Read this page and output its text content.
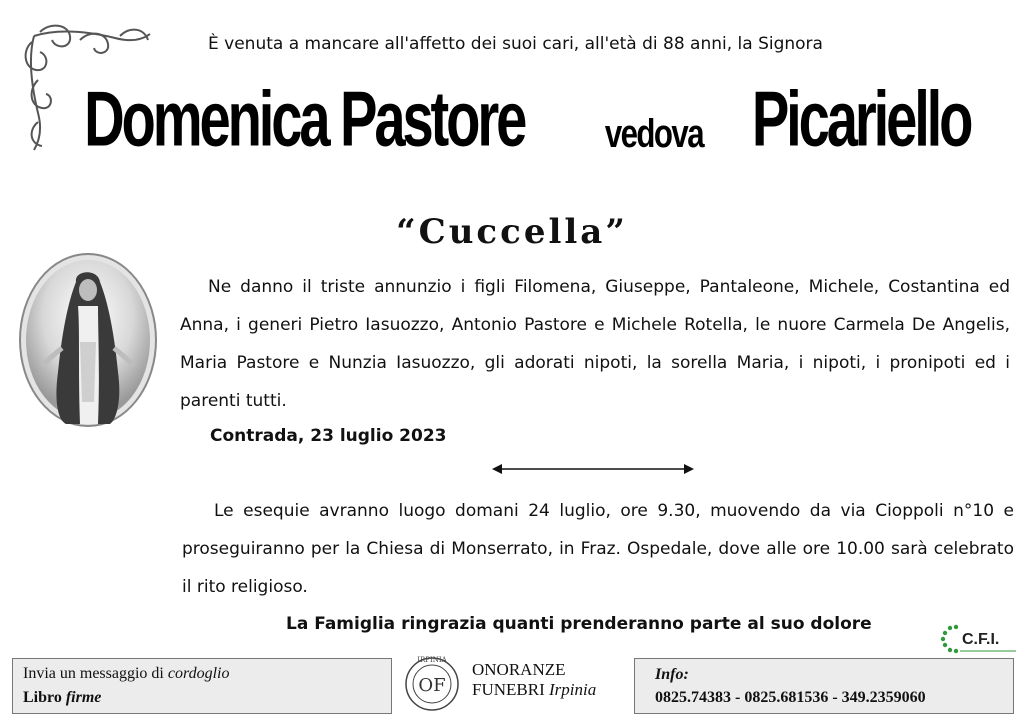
È venuta a mancare all'affetto dei suoi cari, all'età di 88 anni, la Signora
Domenica Pastore vedova Picariello
“Cuccella”
Ne danno il triste annunzio i figli Filomena, Giuseppe, Pantaleone, Michele, Costantina ed Anna, i generi Pietro Iasuozzo, Antonio Pastore e Michele Rotella, le nuore Carmela De Angelis, Maria Pastore e Nunzia Iasuozzo, gli adorati nipoti, la sorella Maria, i nipoti, i pronipoti ed i parenti tutti.
Contrada, 23 luglio 2023
Le esequie avranno luogo domani 24 luglio, ore 9.30, muovendo da via Cioppoli n°10 e proseguiranno per la Chiesa di Monserrato, in Fraz. Ospedale, dove alle ore 10.00 sarà celebrato il rito religioso.
La Famiglia ringrazia quanti prenderanno parte al suo dolore
C.F.I.
Invia un messaggio di cordoglio
Libro firme
IRPINIA
OF
ONORANZE
FUNEBRI Irpinia
Info:
0825.74383 - 0825.681536 - 349.2359060
